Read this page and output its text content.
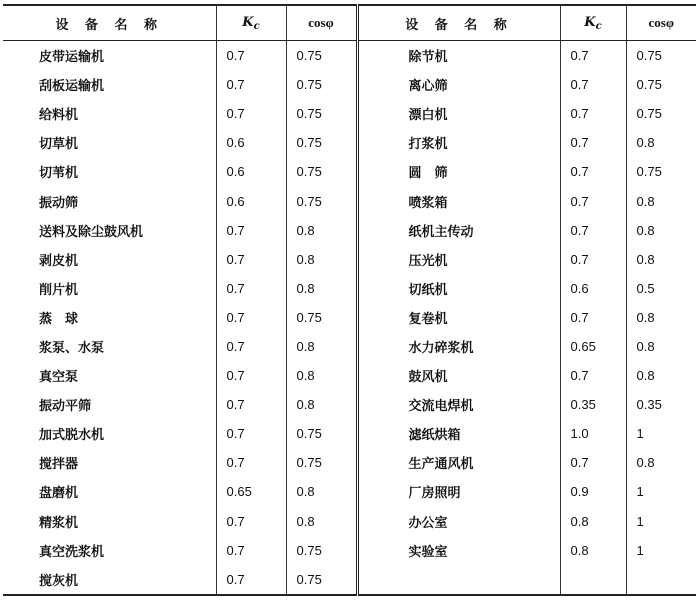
设 备 名 称	$K_c$	cosφ	设 备 名 称	$K_c$	cosφ
皮带运输机	0.7	0.75	除节机	0.7	0.75
刮板运输机	0.7	0.75	离心筛	0.7	0.75
给料机	0.7	0.75	漂白机	0.7	0.75
切草机	0.6	0.75	打浆机	0.7	0.8
切苇机	0.6	0.75	圆　筛	0.7	0.75
振动筛	0.6	0.75	喷浆箱	0.7	0.8
送料及除尘鼓风机	0.7	0.8	纸机主传动	0.7	0.8
剥皮机	0.7	0.8	压光机	0.7	0.8
削片机	0.7	0.8	切纸机	0.6	0.5
蒸　球	0.7	0.75	复卷机	0.7	0.8
浆泵、水泵	0.7	0.8	水力碎浆机	0.65	0.8
真空泵	0.7	0.8	鼓风机	0.7	0.8
振动平筛	0.7	0.8	交流电焊机	0.35	0.35
加式脱水机	0.7	0.75	滤纸烘箱	1.0	1
搅拌器	0.7	0.75	生产通风机	0.7	0.8
盘磨机	0.65	0.8	厂房照明	0.9	1
精浆机	0.7	0.8	办公室	0.8	1
真空洗浆机	0.7	0.75	实验室	0.8	1
搅灰机	0.7	0.75			
